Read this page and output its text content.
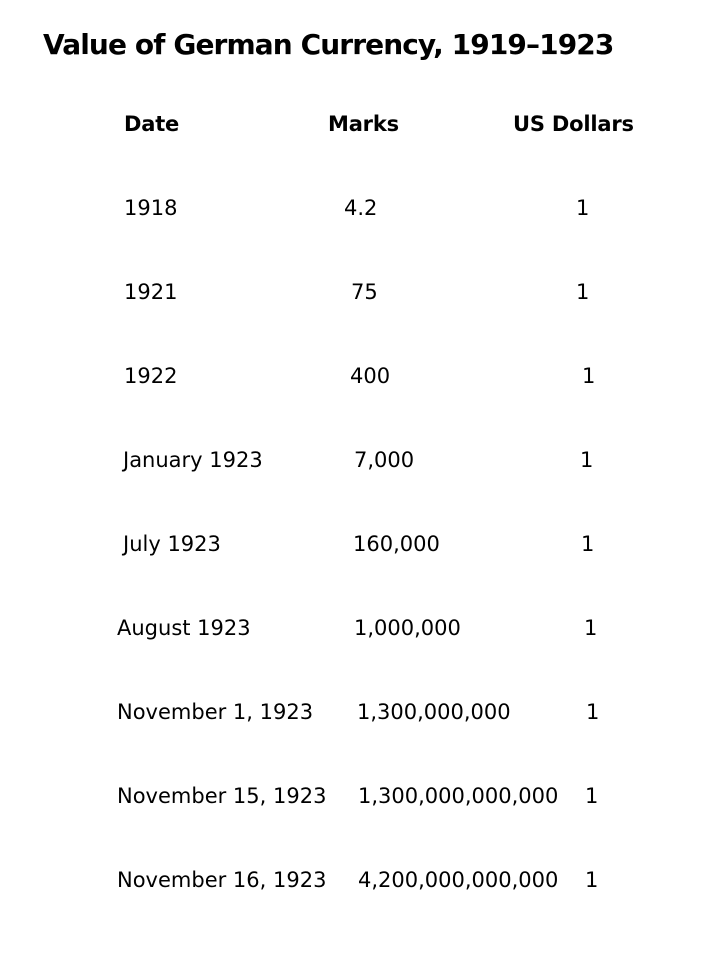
Value of German Currency, 1919–1923
Date	Marks	US Dollars
1918	4.2	1
1921	75	1
1922	400	1
January 1923	7,000	1
July 1923	160,000	1
August 1923	1,000,000	1
November 1, 1923 1,300,000,000	1
November 15, 1923 1,300,000,000,000 1
November 16, 1923 4,200,000,000,000 1
